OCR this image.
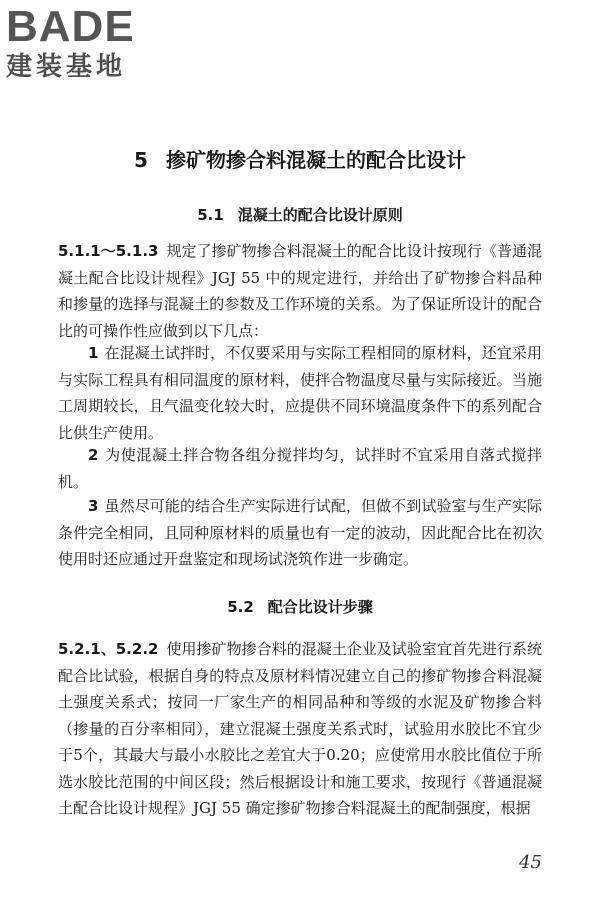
BADE
建装基地
5 掺矿物掺合料混凝土的配合比设计
5.1 混凝土的配合比设计原则
5.1.1～5.1.3 规定了掺矿物掺合料混凝土的配合比设计按现行《普通混凝土配合比设计规程》JGJ 55 中的规定进行，并给出了矿物掺合料品种和掺量的选择与混凝土的参数及工作环境的关系。为了保证所设计的配合比的可操作性应做到以下几点：
1 在混凝土试拌时，不仅要采用与实际工程相同的原材料，还宜采用与实际工程具有相同温度的原材料，使拌合物温度尽量与实际接近。当施工周期较长，且气温变化较大时，应提供不同环境温度条件下的系列配合比供生产使用。
2 为使混凝土拌合物各组分搅拌均匀，试拌时不宜采用自落式搅拌机。
3 虽然尽可能的结合生产实际进行试配，但做不到试验室与生产实际条件完全相同，且同种原材料的质量也有一定的波动，因此配合比在初次使用时还应通过开盘鉴定和现场试浇筑作进一步确定。
5.2 配合比设计步骤
5.2.1、5.2.2 使用掺矿物掺合料的混凝土企业及试验室宜首先进行系统配合比试验，根据自身的特点及原材料情况建立自己的掺矿物掺合料混凝土强度关系式；按同一厂家生产的相同品种和等级的水泥及矿物掺合料（掺量的百分率相同），建立混凝土强度关系式时，试验用水胶比不宜少于5个，其最大与最小水胶比之差宜大于0.20；应使常用水胶比值位于所选水胶比范围的中间区段；然后根据设计和施工要求，按现行《普通混凝土配合比设计规程》JGJ 55 确定掺矿物掺合料混凝土的配制强度，根据
45
